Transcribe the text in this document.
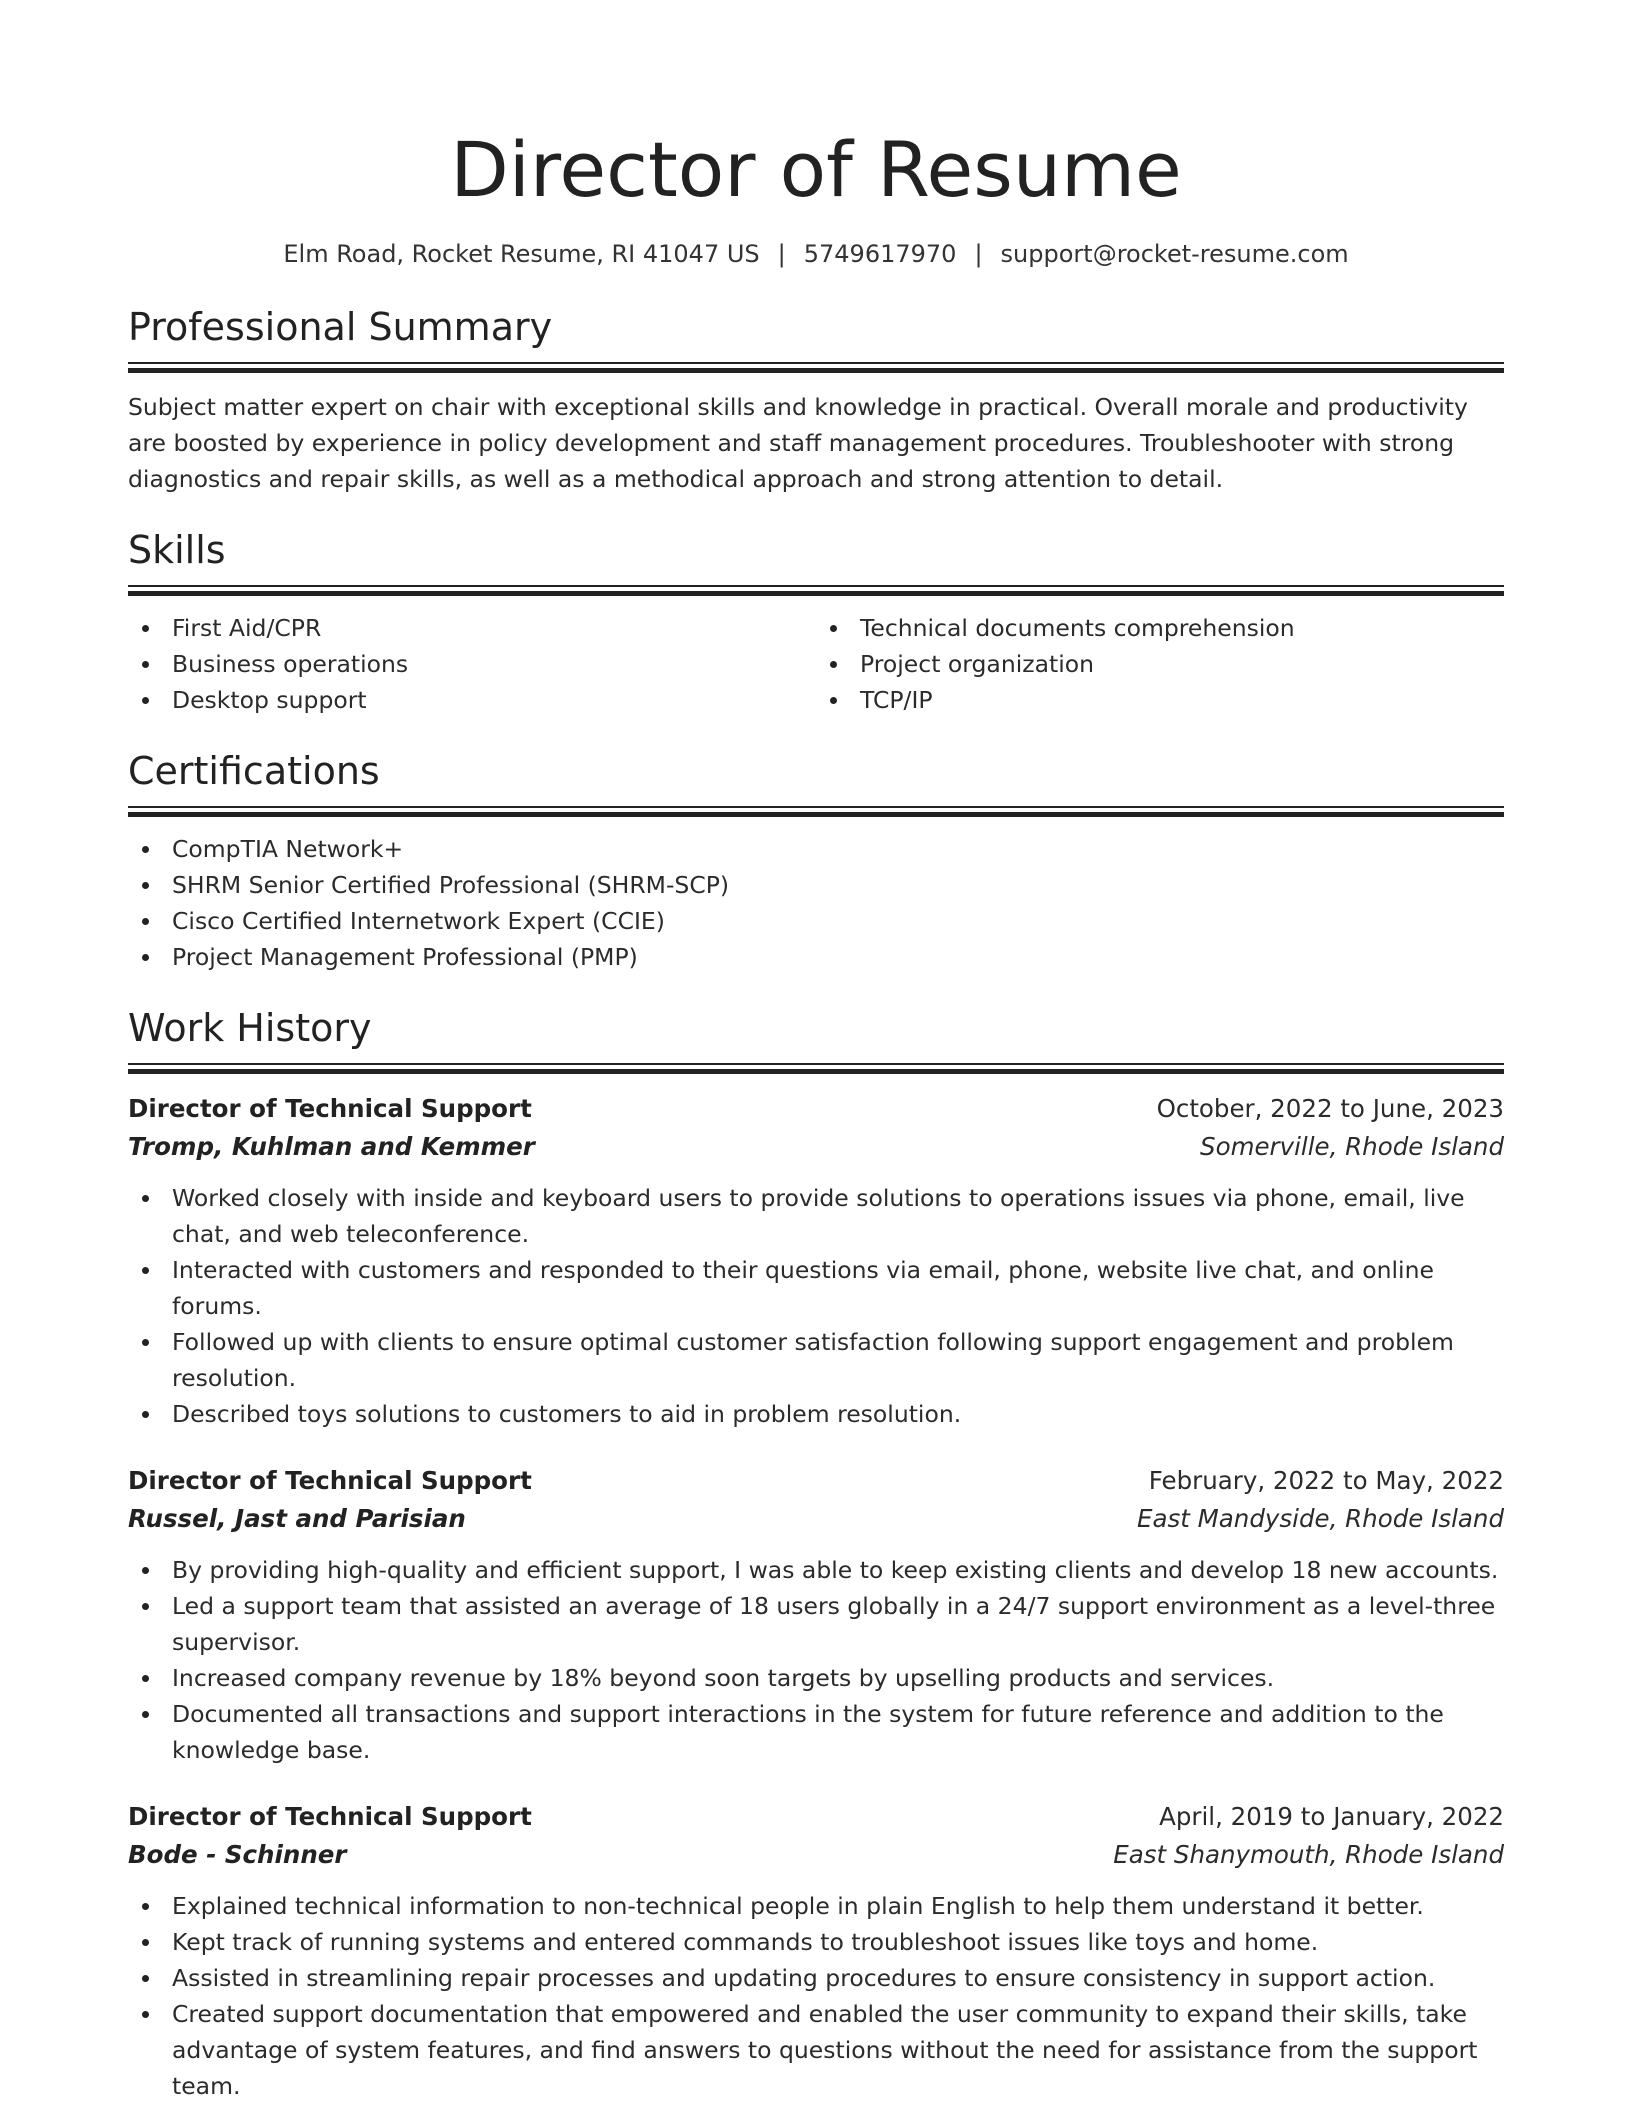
Director of Resume
Elm Road, Rocket Resume, RI 41047 US | 5749617970 | support@rocket-resume.com
Professional Summary
Subject matter expert on chair with exceptional skills and knowledge in practical. Overall morale and productivity are boosted by experience in policy development and staff management procedures. Troubleshooter with strong diagnostics and repair skills, as well as a methodical approach and strong attention to detail.
Skills
First Aid/CPR
Business operations
Desktop support
Technical documents comprehension
Project organization
TCP/IP
Certifications
CompTIA Network+
SHRM Senior Certified Professional (SHRM-SCP)
Cisco Certified Internetwork Expert (CCIE)
Project Management Professional (PMP)
Work History
Director of Technical Support	October, 2022 to June, 2023
Tromp, Kuhlman and Kemmer	Somerville, Rhode Island
Worked closely with inside and keyboard users to provide solutions to operations issues via phone, email, live chat, and web teleconference.
Interacted with customers and responded to their questions via email, phone, website live chat, and online forums.
Followed up with clients to ensure optimal customer satisfaction following support engagement and problem resolution.
Described toys solutions to customers to aid in problem resolution.
Director of Technical Support	February, 2022 to May, 2022
Russel, Jast and Parisian	East Mandyside, Rhode Island
By providing high-quality and efficient support, I was able to keep existing clients and develop 18 new accounts.
Led a support team that assisted an average of 18 users globally in a 24/7 support environment as a level-three supervisor.
Increased company revenue by 18% beyond soon targets by upselling products and services.
Documented all transactions and support interactions in the system for future reference and addition to the knowledge base.
Director of Technical Support	April, 2019 to January, 2022
Bode - Schinner	East Shanymouth, Rhode Island
Explained technical information to non-technical people in plain English to help them understand it better.
Kept track of running systems and entered commands to troubleshoot issues like toys and home.
Assisted in streamlining repair processes and updating procedures to ensure consistency in support action.
Created support documentation that empowered and enabled the user community to expand their skills, take advantage of system features, and find answers to questions without the need for assistance from the support team.
